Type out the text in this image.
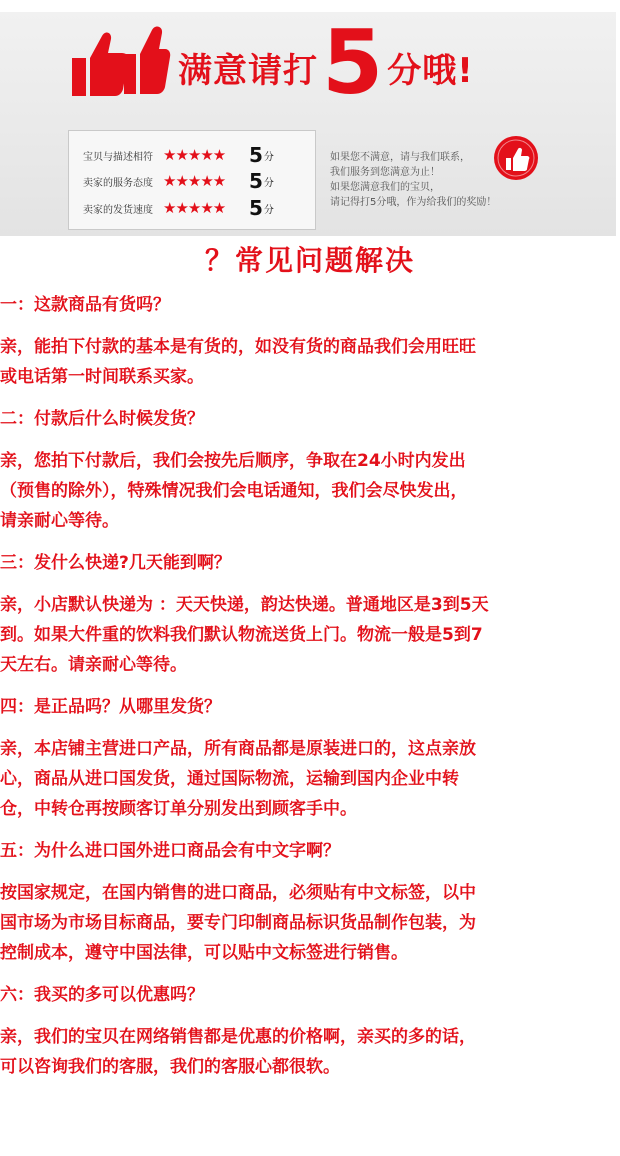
满意请打 5 分哦!
宝贝与描述相符 ★★★★★	5 分
卖家的服务态度 ★★★★★	5 分
卖家的发货速度 ★★★★★	5 分
如果您不满意，请与我们联系，
我们服务到您满意为止！
如果您满意我们的宝贝，
请记得打5分哦，作为给我们的奖励！
？常见问题解决

一：这款商品有货吗？

亲，能拍下付款的基本是有货的，如没有货的商品我们会用旺旺
或电话第一时间联系买家。

二：付款后什么时候发货？

亲，您拍下付款后，我们会按先后顺序，争取在24小时内发出
（预售的除外），特殊情况我们会电话通知，我们会尽快发出，
请亲耐心等待。

三：发什么快递?几天能到啊？

亲，小店默认快递为 ：天天快递，韵达快递。普通地区是3到5天
到。如果大件重的饮料我们默认物流送货上门。物流一般是5到7
天左右。请亲耐心等待。

四：是正品吗？从哪里发货？

亲，本店铺主营进口产品，所有商品都是原装进口的，这点亲放
心，商品从进口国发货，通过国际物流，运输到国内企业中转
仓，中转仓再按顾客订单分别发出到顾客手中。

五：为什么进口国外进口商品会有中文字啊？

按国家规定，在国内销售的进口商品，必须贴有中文标签，以中
国市场为市场目标商品，要专门印制商品标识货品制作包装，为
控制成本，遵守中国法律，可以贴中文标签进行销售。

六：我买的多可以优惠吗？

亲，我们的宝贝在网络销售都是优惠的价格啊，亲买的多的话，
可以咨询我们的客服，我们的客服心都很软。
